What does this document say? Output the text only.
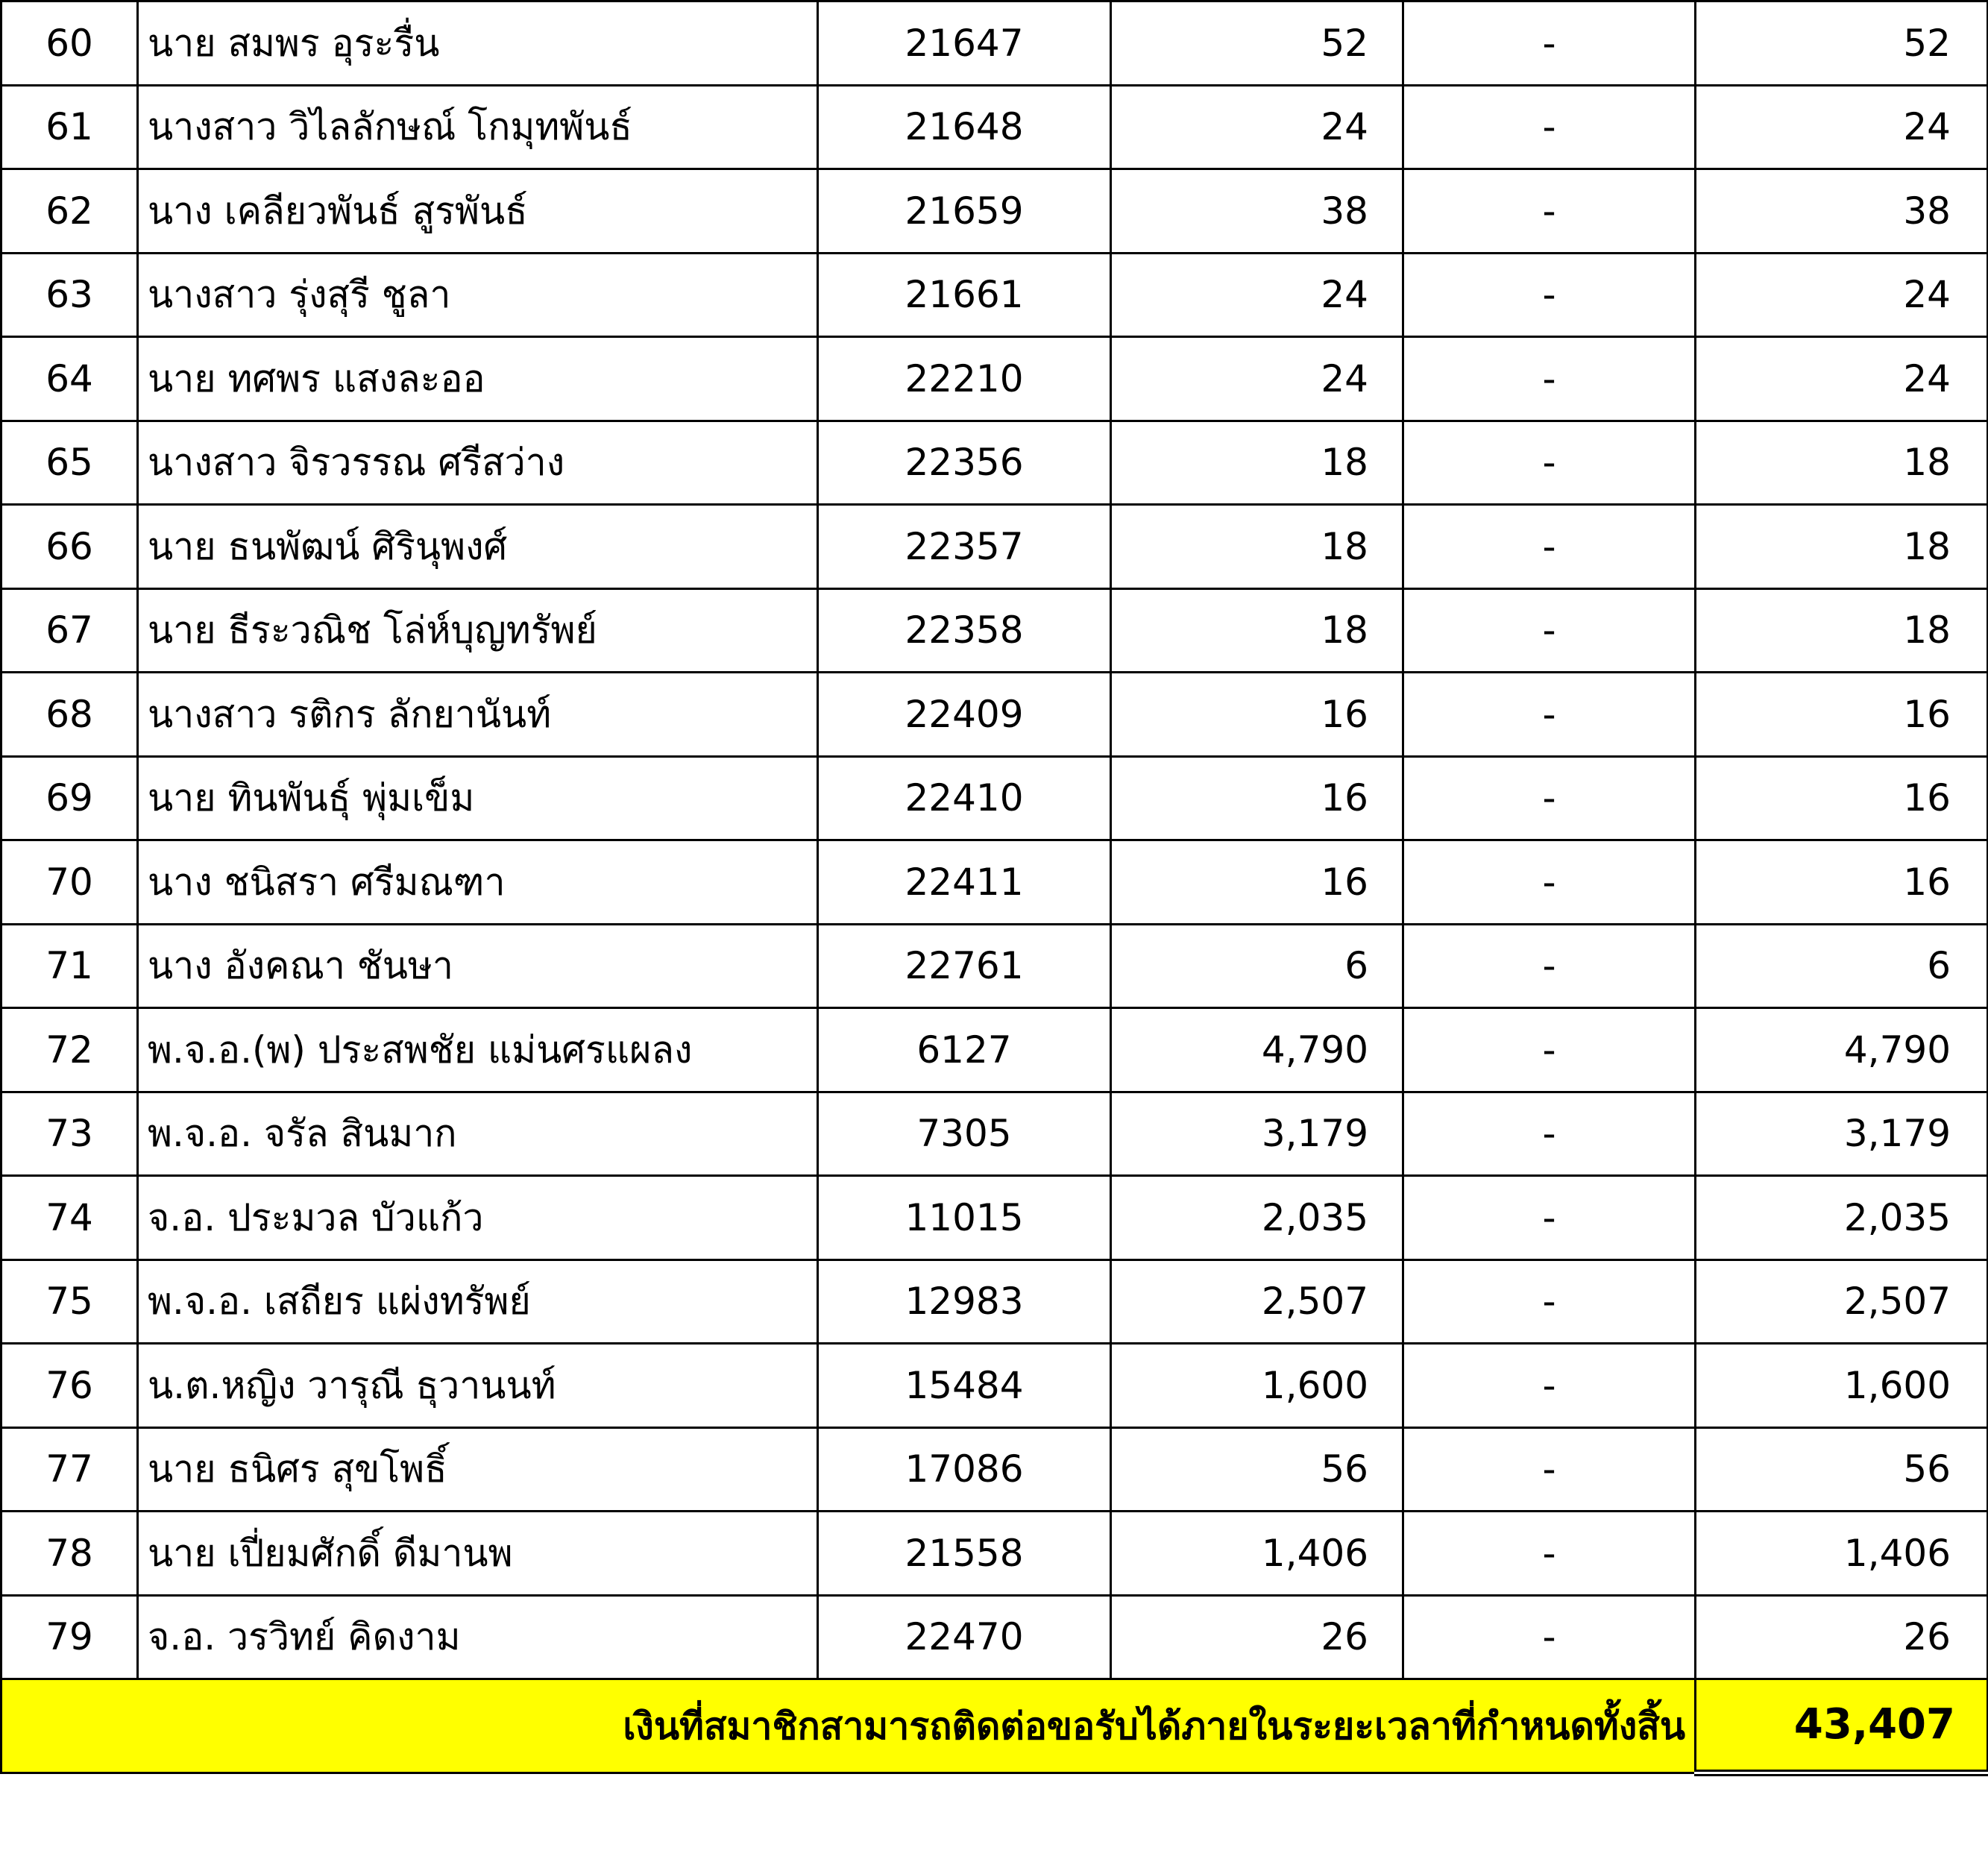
60	นาย สมพร อุระรื่น	21647	52	-	52
61	นางสาว วิไลลักษณ์ โกมุทพันธ์	21648	24	-	24
62	นาง เคลียวพันธ์ สูรพันธ์	21659	38	-	38
63	นางสาว รุ่งสุรี ชูลา	21661	24	-	24
64	นาย ทศพร แสงละออ	22210	24	-	24
65	นางสาว จิรวรรณ ศรีสว่าง	22356	18	-	18
66	นาย ธนพัฒน์ ศิรินุพงศ์	22357	18	-	18
67	นาย ธีระวณิช โล่ห์บุญทรัพย์	22358	18	-	18
68	นางสาว รติกร ลักยานันท์	22409	16	-	16
69	นาย ทินพันธุ์ พุ่มเข็ม	22410	16	-	16
70	นาง ชนิสรา ศรีมณฑา	22411	16	-	16
71	นาง อังคณา ชันษา	22761	6	-	6
72	พ.จ.อ.(พ) ประสพชัย แม่นศรแผลง	6127	4,790	-	4,790
73	พ.จ.อ. จรัล สินมาก	7305	3,179	-	3,179
74	จ.อ. ประมวล บัวแก้ว	11015	2,035	-	2,035
75	พ.จ.อ. เสถียร แผ่งทรัพย์	12983	2,507	-	2,507
76	น.ต.หญิง วารุณี ธุวานนท์	15484	1,600	-	1,600
77	นาย ธนิศร สุขโพธิ์	17086	56	-	56
78	นาย เปี่ยมศักดิ์ ดีมานพ	21558	1,406	-	1,406
79	จ.อ. วรวิทย์ คิดงาม	22470	26	-	26
เงินที่สมาชิกสามารถติดต่อขอรับได้ภายในระยะเวลาที่กำหนดทั้งสิ้น					43,407
